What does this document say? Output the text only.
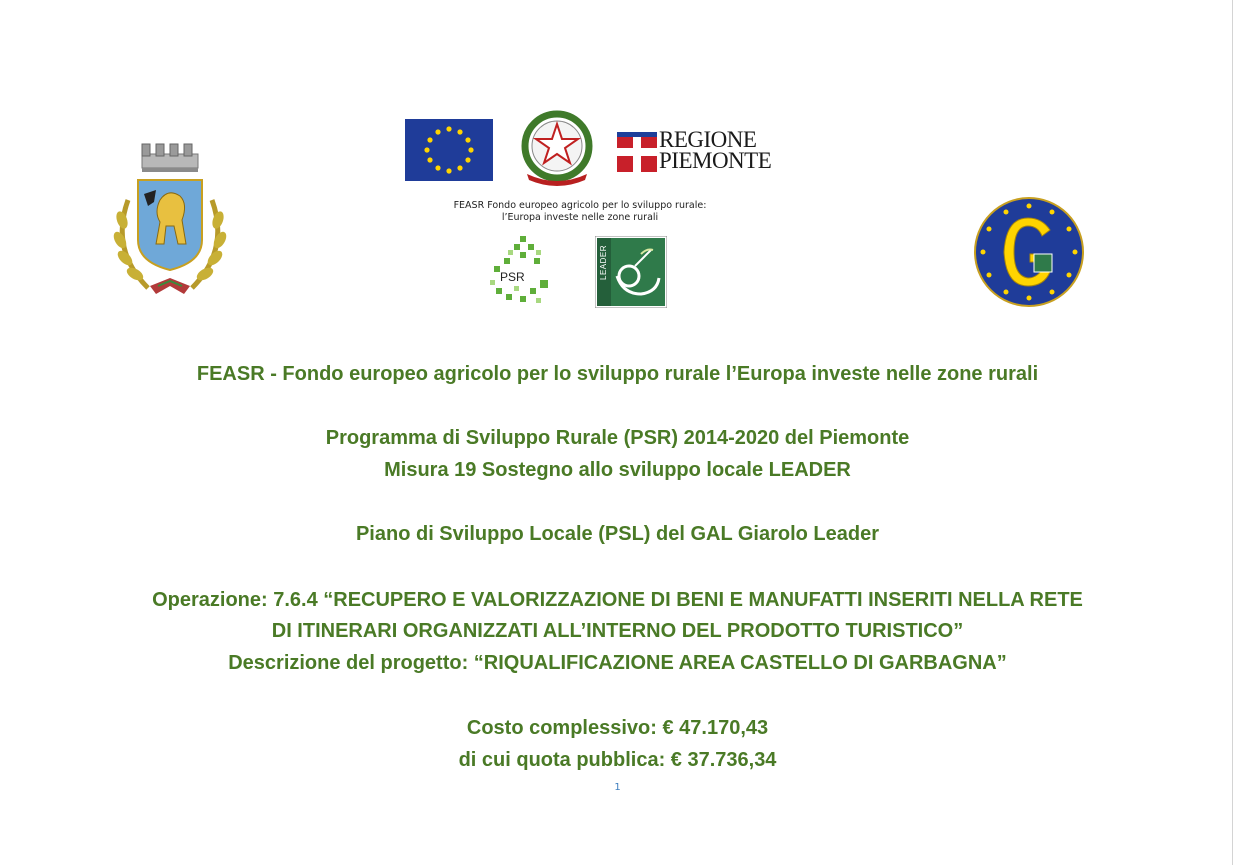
REGIONE
PIEMONTE
FEASR Fondo europeo agricolo per lo sviluppo rurale:
l’Europa investe nelle zone rurali
PSR	LEADER
FEASR - Fondo europeo agricolo per lo sviluppo rurale l’Europa investe nelle zone rurali
Programma di Sviluppo Rurale (PSR) 2014-2020 del Piemonte
Misura 19 Sostegno allo sviluppo locale LEADER
Piano di Sviluppo Locale (PSL) del GAL Giarolo Leader
Operazione: 7.6.4 “RECUPERO E VALORIZZAZIONE DI BENI E MANUFATTI INSERITI NELLA RETE
DI ITINERARI ORGANIZZATI ALL’INTERNO DEL PRODOTTO TURISTICO”
Descrizione del progetto: “RIQUALIFICAZIONE AREA CASTELLO DI GARBAGNA”
Costo complessivo: € 47.170,43
di cui quota pubblica: € 37.736,34
1
